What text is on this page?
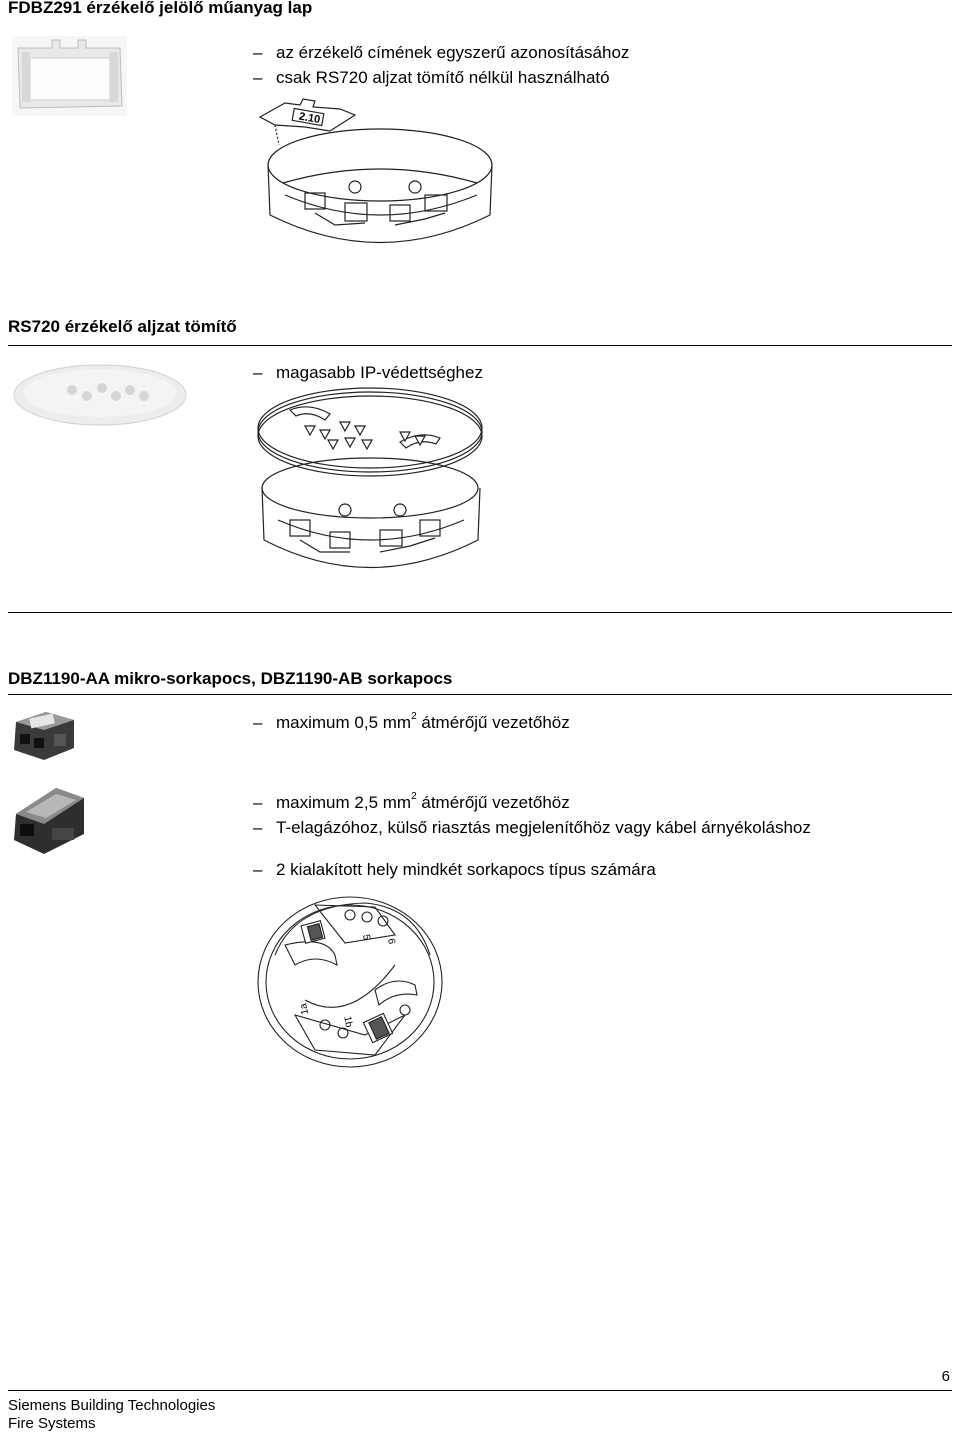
FDBZ291 érzékelő jelölő műanyag lap
– az érzékelő címének egyszerű azonosításához
– csak RS720 aljzat tömítő nélkül használható
2.10
RS720 érzékelő aljzat tömítő
– magasabb IP-védettséghez
DBZ1190-AA mikro-sorkapocs, DBZ1190-AB sorkapocs
– maximum 0,5 $mm^2$ átmérőjű vezetőhöz
– maximum 2,5 $mm^2$ átmérőjű vezetőhöz
– T-elagázóhoz, külső riasztás megjelenítőhöz vagy kábel árnyékoláshoz
– 2 kialakított hely mindkét sorkapocs típus számára
5
6
1a
1b
6
Siemens Building Technologies
Fire Systems
